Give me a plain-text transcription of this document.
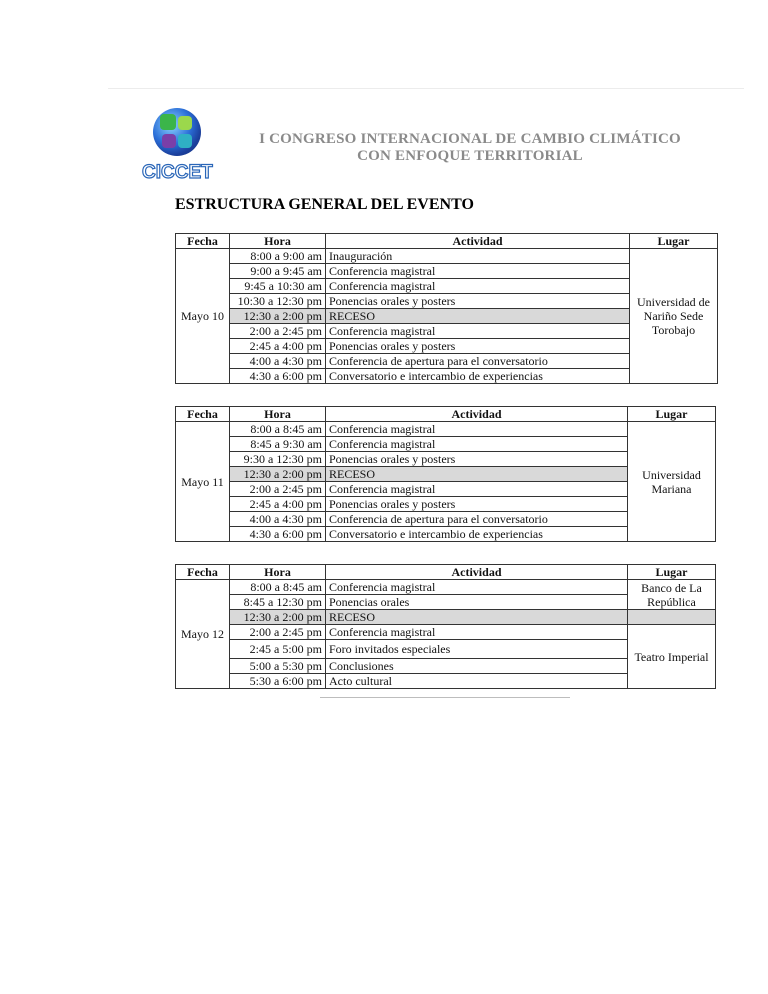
CICCET
I CONGRESO INTERNACIONAL DE CAMBIO CLIMÁTICO
CON ENFOQUE TERRITORIAL
ESTRUCTURA GENERAL DEL EVENTO
Fecha	Hora	Actividad	Lugar
Mayo 10	8:00 a 9:00 am	Inauguración	Universidad de Nariño Sede Torobajo
	9:00 a 9:45 am	Conferencia magistral	
	9:45 a 10:30 am	Conferencia magistral	
	10:30 a 12:30 pm	Ponencias orales y posters	
	12:30 a 2:00 pm	RECESO	
	2:00 a 2:45 pm	Conferencia magistral	
	2:45 a 4:00 pm	Ponencias orales y posters	
	4:00 a 4:30 pm	Conferencia de apertura para el conversatorio	
	4:30 a 6:00 pm	Conversatorio e intercambio de experiencias	
Fecha	Hora	Actividad	Lugar
Mayo 11	8:00 a 8:45 am	Conferencia magistral	Universidad Mariana
	8:45 a 9:30 am	Conferencia magistral	
	9:30 a 12:30 pm	Ponencias orales y posters	
	12:30 a 2:00 pm	RECESO	
	2:00 a 2:45 pm	Conferencia magistral	
	2:45 a 4:00 pm	Ponencias orales y posters	
	4:00 a 4:30 pm	Conferencia de apertura para el conversatorio	
	4:30 a 6:00 pm	Conversatorio e intercambio de experiencias	
Fecha	Hora	Actividad	Lugar
Mayo 12	8:00 a 8:45 am	Conferencia magistral	Banco de La República
	8:45 a 12:30 pm	Ponencias orales	
	12:30 a 2:00 pm	RECESO	
	2:00 a 2:45 pm	Conferencia magistral	Teatro Imperial
	2:45 a 5:00 pm	Foro invitados especiales	
	5:00 a 5:30 pm	Conclusiones	
	5:30 a 6:00 pm	Acto cultural	
